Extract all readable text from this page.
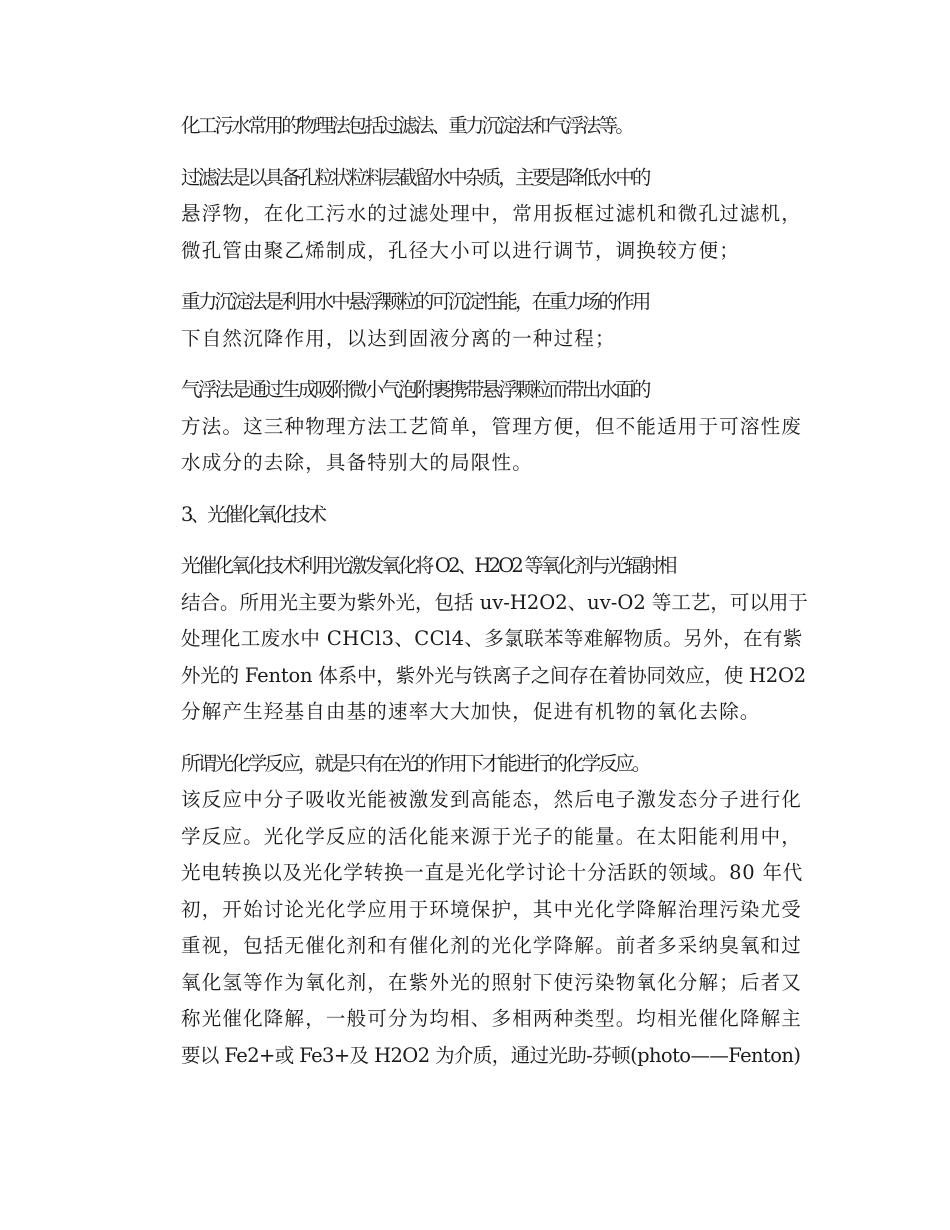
化工污水常用的物理法包括过滤法、重力沉淀法和气浮法等。

过滤法是以具备孔粒状粒料层截留水中杂质，主要是降低水中的
悬浮物，在化工污水的过滤处理中，常用扳框过滤机和微孔过滤机，
微孔管由聚乙烯制成，孔径大小可以进行调节，调换较方便；

重力沉淀法是利用水中悬浮颗粒的可沉淀性能，在重力场的作用
下自然沉降作用，以达到固液分离的一种过程；

气浮法是通过生成吸附微小气泡附裹携带悬浮颗粒而带出水面的
方法。这三种物理方法工艺简单，管理方便，但不能适用于可溶性废
水成分的去除，具备特别大的局限性。

3、光催化氧化技术

光催化氧化技术利用光激发氧化将 O2、H2O2 等氧化剂与光辐射相
结合。所用光主要为紫外光，包括 uv-H2O2、uv-O2 等工艺，可以用于
处理化工废水中 CHCl3、CCl4、多氯联苯等难解物质。另外，在有紫
外光的 Fenton 体系中，紫外光与铁离子之间存在着协同效应，使 H2O2
分解产生羟基自由基的速率大大加快，促进有机物的氧化去除。

所谓光化学反应，就是只有在光的作用下才能进行的化学反应。
该反应中分子吸收光能被激发到高能态，然后电子激发态分子进行化
学反应。光化学反应的活化能来源于光子的能量。在太阳能利用中，
光电转换以及光化学转换一直是光化学讨论十分活跃的领域。80 年代
初，开始讨论光化学应用于环境保护，其中光化学降解治理污染尤受
重视，包括无催化剂和有催化剂的光化学降解。前者多采纳臭氧和过
氧化氢等作为氧化剂，在紫外光的照射下使污染物氧化分解；后者又
称光催化降解，一般可分为均相、多相两种类型。均相光催化降解主
要以 Fe2+或 Fe3+及 H2O2 为介质，通过光助-芬顿(photo——Fenton)
